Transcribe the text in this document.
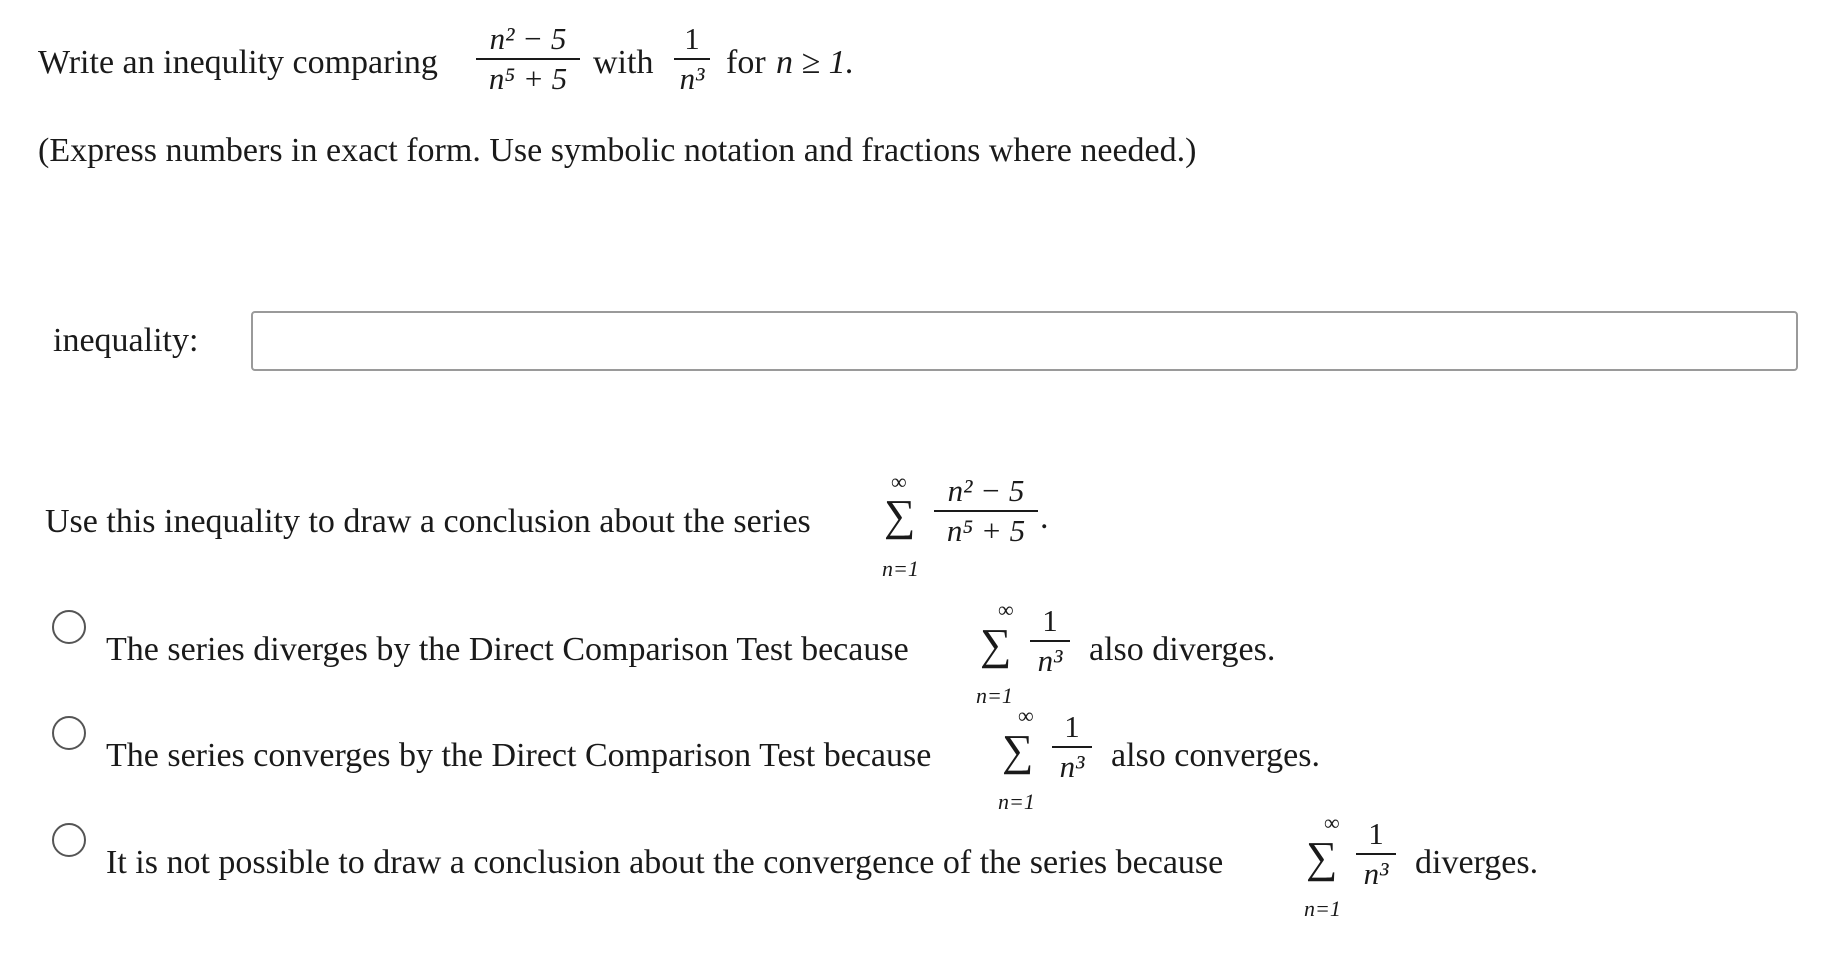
Write an inequlity comparing
n² − 5
n⁵ + 5 with
1
n³ for n ≥ 1.
(Express numbers in exact form. Use symbolic notation and fractions where needed.)
inequality:
Use this inequality to draw a conclusion about the series
∞
∑
n=1
n² − 5
n⁵ + 5 .
The series diverges by the Direct Comparison Test because
∞
∑
n=1
1
n³ also diverges.
The series converges by the Direct Comparison Test because
∞
∑
n=1
1
n³ also converges.
It is not possible to draw a conclusion about the convergence of the series because
∞
∑
n=1
1
n³ diverges.
